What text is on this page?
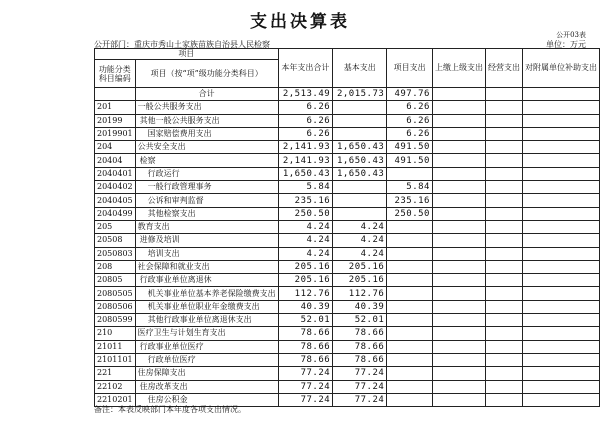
支出决算表
公开03表
公开部门：重庆市秀山土家族苗族自治县人民检察	单位：万元
项目		本年支出合计	基本支出	项目支出	上缴上级支出	经营支出	对附属单位补助支出
功能分类科目编码	项目（按“项”级功能分类科目）						
	合计	2,513.49	2,015.73	497.76			
201	一般公共服务支出	6.26		6.26			
20199	其他一般公共服务支出	6.26		6.26			
2019901	国家赔偿费用支出	6.26		6.26			
204	公共安全支出	2,141.93	1,650.43	491.50			
20404	检察	2,141.93	1,650.43	491.50			
2040401	行政运行	1,650.43	1,650.43				
2040402	一般行政管理事务	5.84		5.84			
2040405	公诉和审判监督	235.16		235.16			
2040499	其他检察支出	250.50		250.50			
205	教育支出	4.24	4.24				
20508	进修及培训	4.24	4.24				
2050803	培训支出	4.24	4.24				
208	社会保障和就业支出	205.16	205.16				
20805	行政事业单位离退休	205.16	205.16				
2080505	机关事业单位基本养老保险缴费支出	112.76	112.76				
2080506	机关事业单位职业年金缴费支出	40.39	40.39				
2080599	其他行政事业单位离退休支出	52.01	52.01				
210	医疗卫生与计划生育支出	78.66	78.66				
21011	行政事业单位医疗	78.66	78.66				
2101101	行政单位医疗	78.66	78.66				
221	住房保障支出	77.24	77.24				
22102	住房改革支出	77.24	77.24				
2210201	住房公积金	77.24	77.24				
备注：本表反映部门本年度各项支出情况。
